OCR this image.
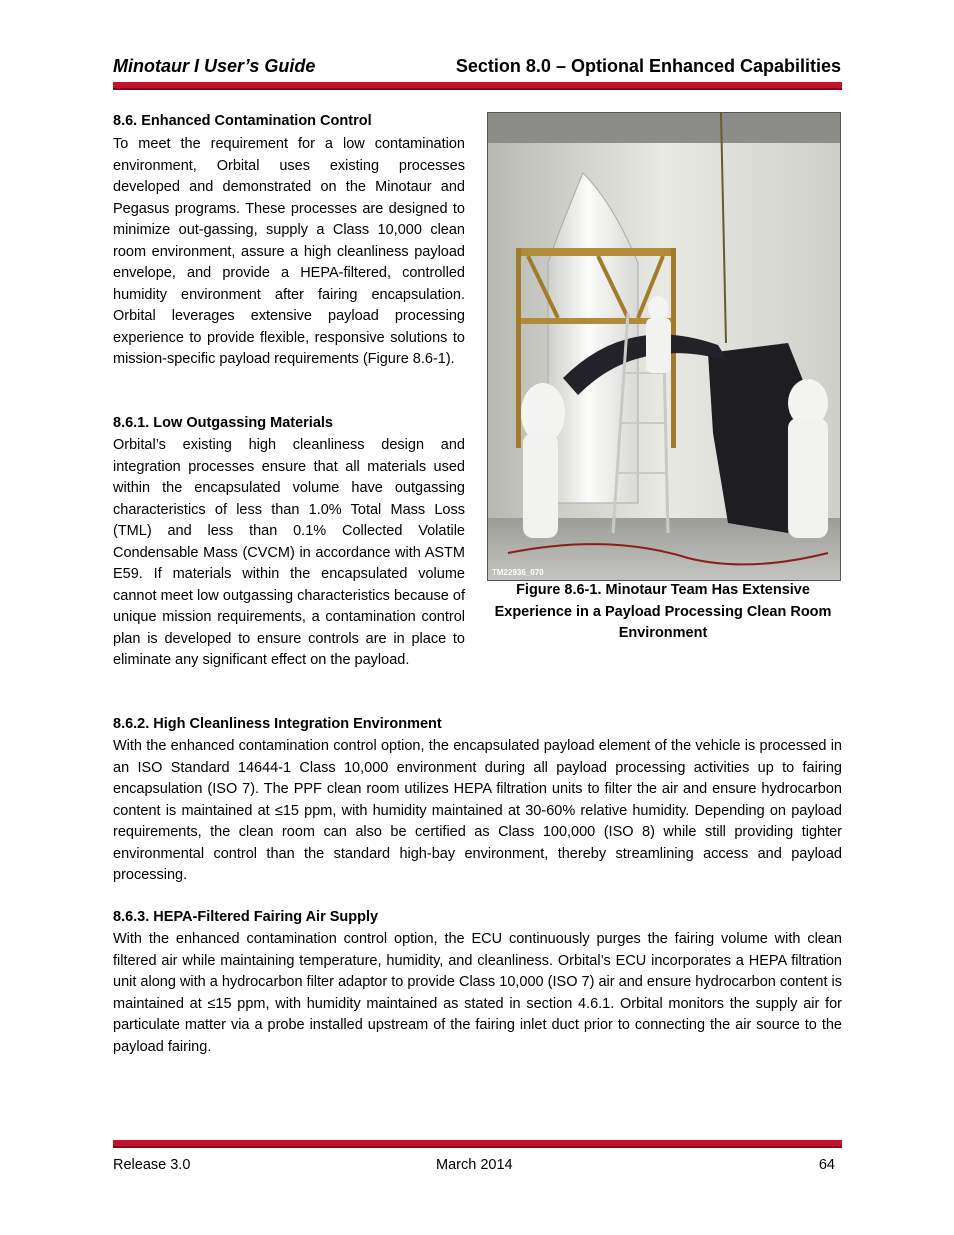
Minotaur I User’s Guide	Section 8.0 – Optional Enhanced Capabilities
8.6. Enhanced Contamination Control
To meet the requirement for a low contamination environment, Orbital uses existing processes developed and demonstrated on the Minotaur and Pegasus programs. These processes are designed to minimize out-gassing, supply a Class 10,000 clean room environment, assure a high cleanliness payload envelope, and provide a HEPA-filtered, controlled humidity environment after fairing encapsulation. Orbital leverages extensive payload processing experience to provide flexible, responsive solutions to mission-specific payload requirements (Figure 8.6-1).
8.6.1. Low Outgassing Materials
Orbital’s existing high cleanliness design and integration processes ensure that all materials used within the encapsulated volume have outgassing characteristics of less than 1.0% Total Mass Loss (TML) and less than 0.1% Collected Volatile Condensable Mass (CVCM) in accordance with ASTM E59. If materials within the encapsulated volume cannot meet low outgassing characteristics because of unique mission requirements, a contamination control plan is developed to ensure controls are in place to eliminate any significant effect on the payload.
TM22936_070
Figure 8.6-1. Minotaur Team Has Extensive Experience in a Payload Processing Clean Room Environment
8.6.2. High Cleanliness Integration Environment
With the enhanced contamination control option, the encapsulated payload element of the vehicle is processed in an ISO Standard 14644-1 Class 10,000 environment during all payload processing activities up to fairing encapsulation (ISO 7). The PPF clean room utilizes HEPA filtration units to filter the air and ensure hydrocarbon content is maintained at ≤15 ppm, with humidity maintained at 30-60% relative humidity. Depending on payload requirements, the clean room can also be certified as Class 100,000 (ISO 8) while still providing tighter environmental control than the standard high-bay environment, thereby streamlining access and payload processing.
8.6.3. HEPA-Filtered Fairing Air Supply
With the enhanced contamination control option, the ECU continuously purges the fairing volume with clean filtered air while maintaining temperature, humidity, and cleanliness. Orbital’s ECU incorporates a HEPA filtration unit along with a hydrocarbon filter adaptor to provide Class 10,000 (ISO 7) air and ensure hydrocarbon content is maintained at ≤15 ppm, with humidity maintained as stated in section 4.6.1. Orbital monitors the supply air for particulate matter via a probe installed upstream of the fairing inlet duct prior to connecting the air source to the payload fairing.
Release 3.0	March 2014	64
